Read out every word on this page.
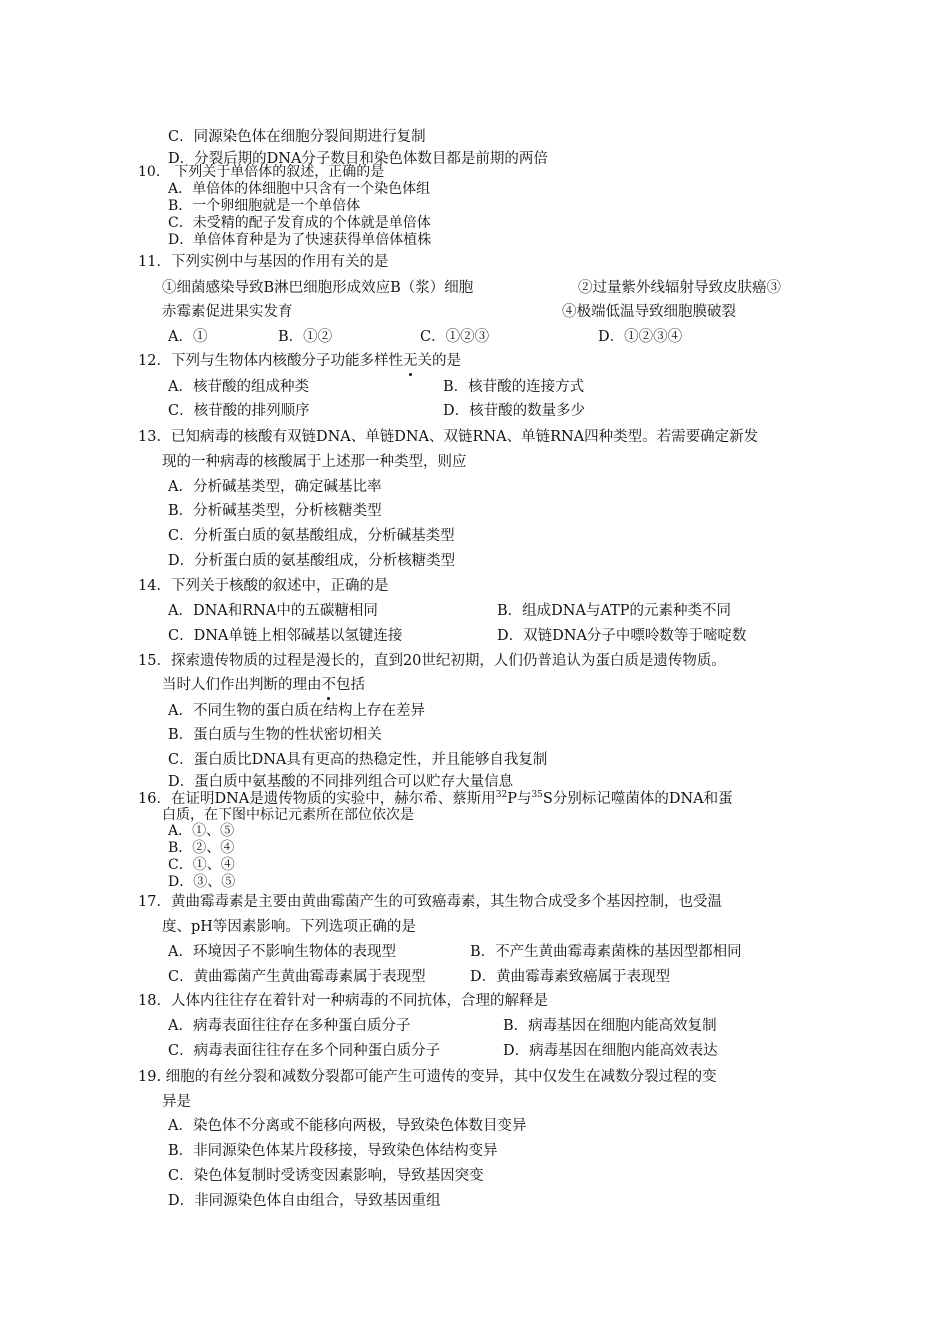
C．同源染色体在细胞分裂间期进行复制
D．分裂后期的DNA分子数目和染色体数目都是前期的两倍
10.　下列关于单倍体的叙述，正确的是
A．单倍体的体细胞中只含有一个染色体组
B．一个卵细胞就是一个单倍体
C．未受精的配子发育成的个体就是单倍体
D．单倍体育种是为了快速获得单倍体植株
11．下列实例中与基因的作用有关的是
①细菌感染导致B淋巴细胞形成效应B（浆）细胞	②过量紫外线辐射导致皮肤癌③
赤霉素促进果实发育	④极端低温导致细胞膜破裂
A．①	B．①②	C．①②③	D．①②③④
12．下列与生物体内核酸分子功能多样性无关的是
A．核苷酸的组成种类	B．核苷酸的连接方式
C．核苷酸的排列顺序	D．核苷酸的数量多少
13．已知病毒的核酸有双链DNA、单链DNA、双链RNA、单链RNA四种类型。若需要确定新发
现的一种病毒的核酸属于上述那一种类型，则应
A．分析碱基类型，确定碱基比率
B．分析碱基类型，分析核糖类型
C．分析蛋白质的氨基酸组成，分析碱基类型
D．分析蛋白质的氨基酸组成，分析核糖类型
14．下列关于核酸的叙述中，正确的是
A．DNA和RNA中的五碳糖相同	B．组成DNA与ATP的元素种类不同
C．DNA单链上相邻碱基以氢键连接	D．双链DNA分子中嘌呤数等于嘧啶数
15．探索遗传物质的过程是漫长的，直到20世纪初期，人们仍普追认为蛋白质是遗传物质。
当时人们作出判断的理由不包括
A．不同生物的蛋白质在结构上存在差异
B．蛋白质与生物的性状密切相关
C．蛋白质比DNA具有更高的热稳定性，并且能够自我复制
D．蛋白质中氨基酸的不同排列组合可以贮存大量信息
16．在证明DNA是遗传物质的实验中，赫尔希、蔡斯用$^{32}$P与$^{35}$S分别标记噬菌体的DNA和蛋
白质，在下图中标记元素所在部位依次是
A．①、⑤
B．②、④
C．①、④
D．③、⑤
17．黄曲霉毒素是主要由黄曲霉菌产生的可致癌毒素，其生物合成受多个基因控制，也受温
度、pH等因素影响。下列选项正确的是
A．环境因子不影响生物体的表现型	B．不产生黄曲霉毒素菌株的基因型都相同
C．黄曲霉菌产生黄曲霉毒素属于表现型	D．黄曲霉毒素致癌属于表现型
18．人体内往往存在着针对一种病毒的不同抗体，合理的解释是
A．病毒表面往往存在多种蛋白质分子	B．病毒基因在细胞内能高效复制
C．病毒表面往往存在多个同种蛋白质分子	D．病毒基因在细胞内能高效表达
19. 细胞的有丝分裂和减数分裂都可能产生可遗传的变异，其中仅发生在减数分裂过程的变
异是
A．染色体不分离或不能移向两极，导致染色体数目变异
B．非同源染色体某片段移接，导致染色体结构变异
C．染色体复制时受诱变因素影响，导致基因突变
D．非同源染色体自由组合，导致基因重组
